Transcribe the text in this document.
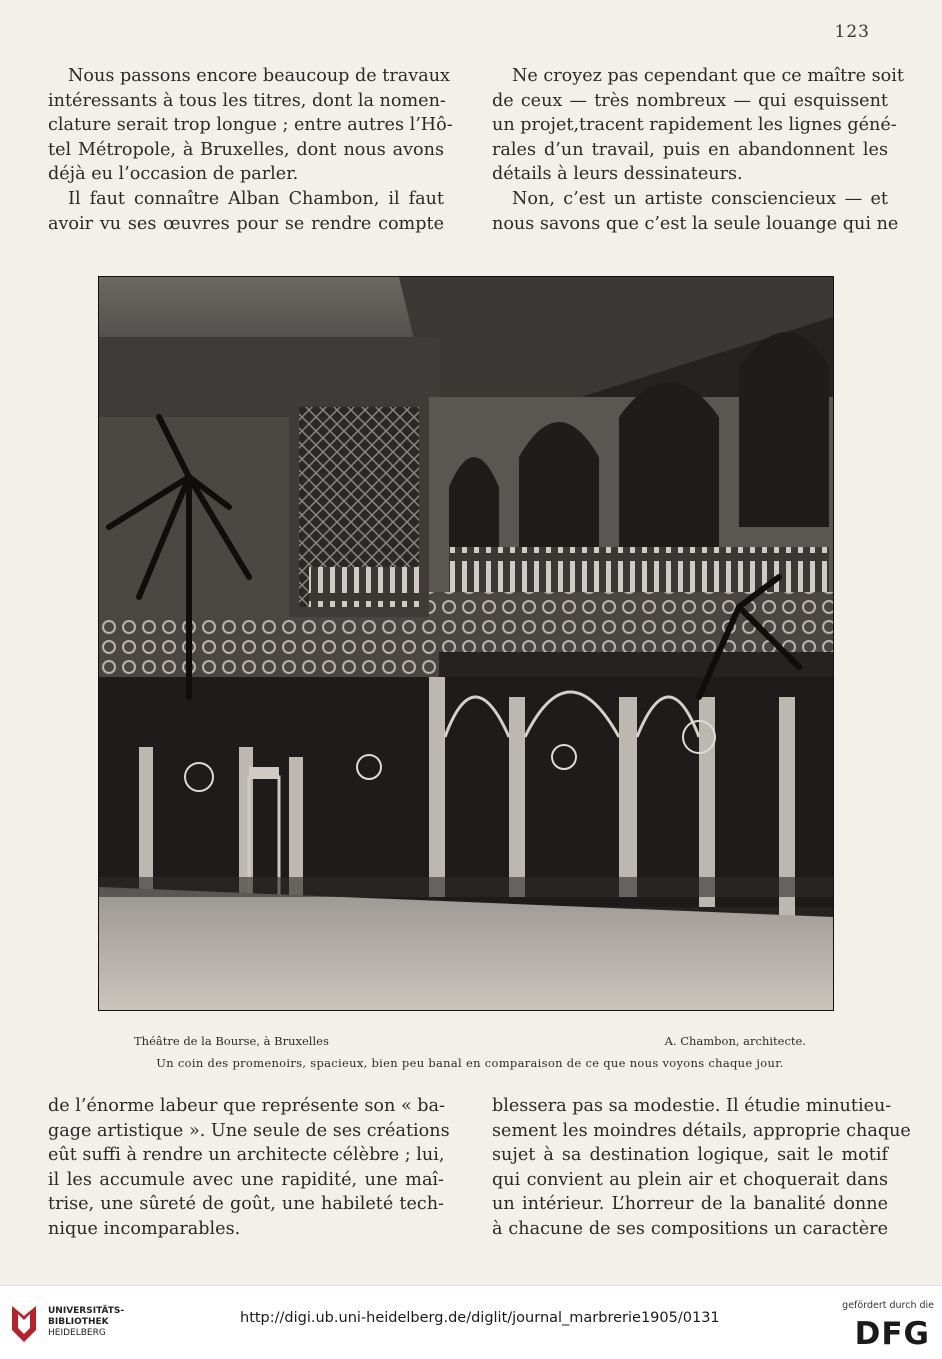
123
Nous passons encore beaucoup de travaux
intéressants à tous les titres, dont la nomen-
clature serait trop longue ; entre autres l’Hô-
tel Métropole, à Bruxelles, dont nous avons
déjà eu l’occasion de parler.
Il faut connaître Alban Chambon, il faut
avoir vu ses œuvres pour se rendre compte
Ne croyez pas cependant que ce maître soit
de ceux — très nombreux — qui esquissent
un projet,tracent rapidement les lignes géné-
rales d’un travail, puis en abandonnent les
détails à leurs dessinateurs.
Non, c’est un artiste consciencieux — et
nous savons que c’est la seule louange qui ne
Théâtre de la Bourse, à Bruxelles	A. Chambon, architecte.
Un coin des promenoirs, spacieux, bien peu banal en comparaison de ce que nous voyons chaque jour.
de l’énorme labeur que représente son « ba-
gage artistique ». Une seule de ses créations
eût suffi à rendre un architecte célèbre ; lui,
il les accumule avec une rapidité, une maî-
trise, une sûreté de goût, une habileté tech-
nique incomparables.
blessera pas sa modestie. Il étudie minutieu-
sement les moindres détails, approprie chaque
sujet à sa destination logique, sait le motif
qui convient au plein air et choquerait dans
un intérieur. L’horreur de la banalité donne
à chacune de ses compositions un caractère
UNIVERSITÄTS-
BIBLIOTHEK
HEIDELBERG
http://digi.ub.uni-heidelberg.de/diglit/journal_marbrerie1905/0131
gefördert durch die
DFG
